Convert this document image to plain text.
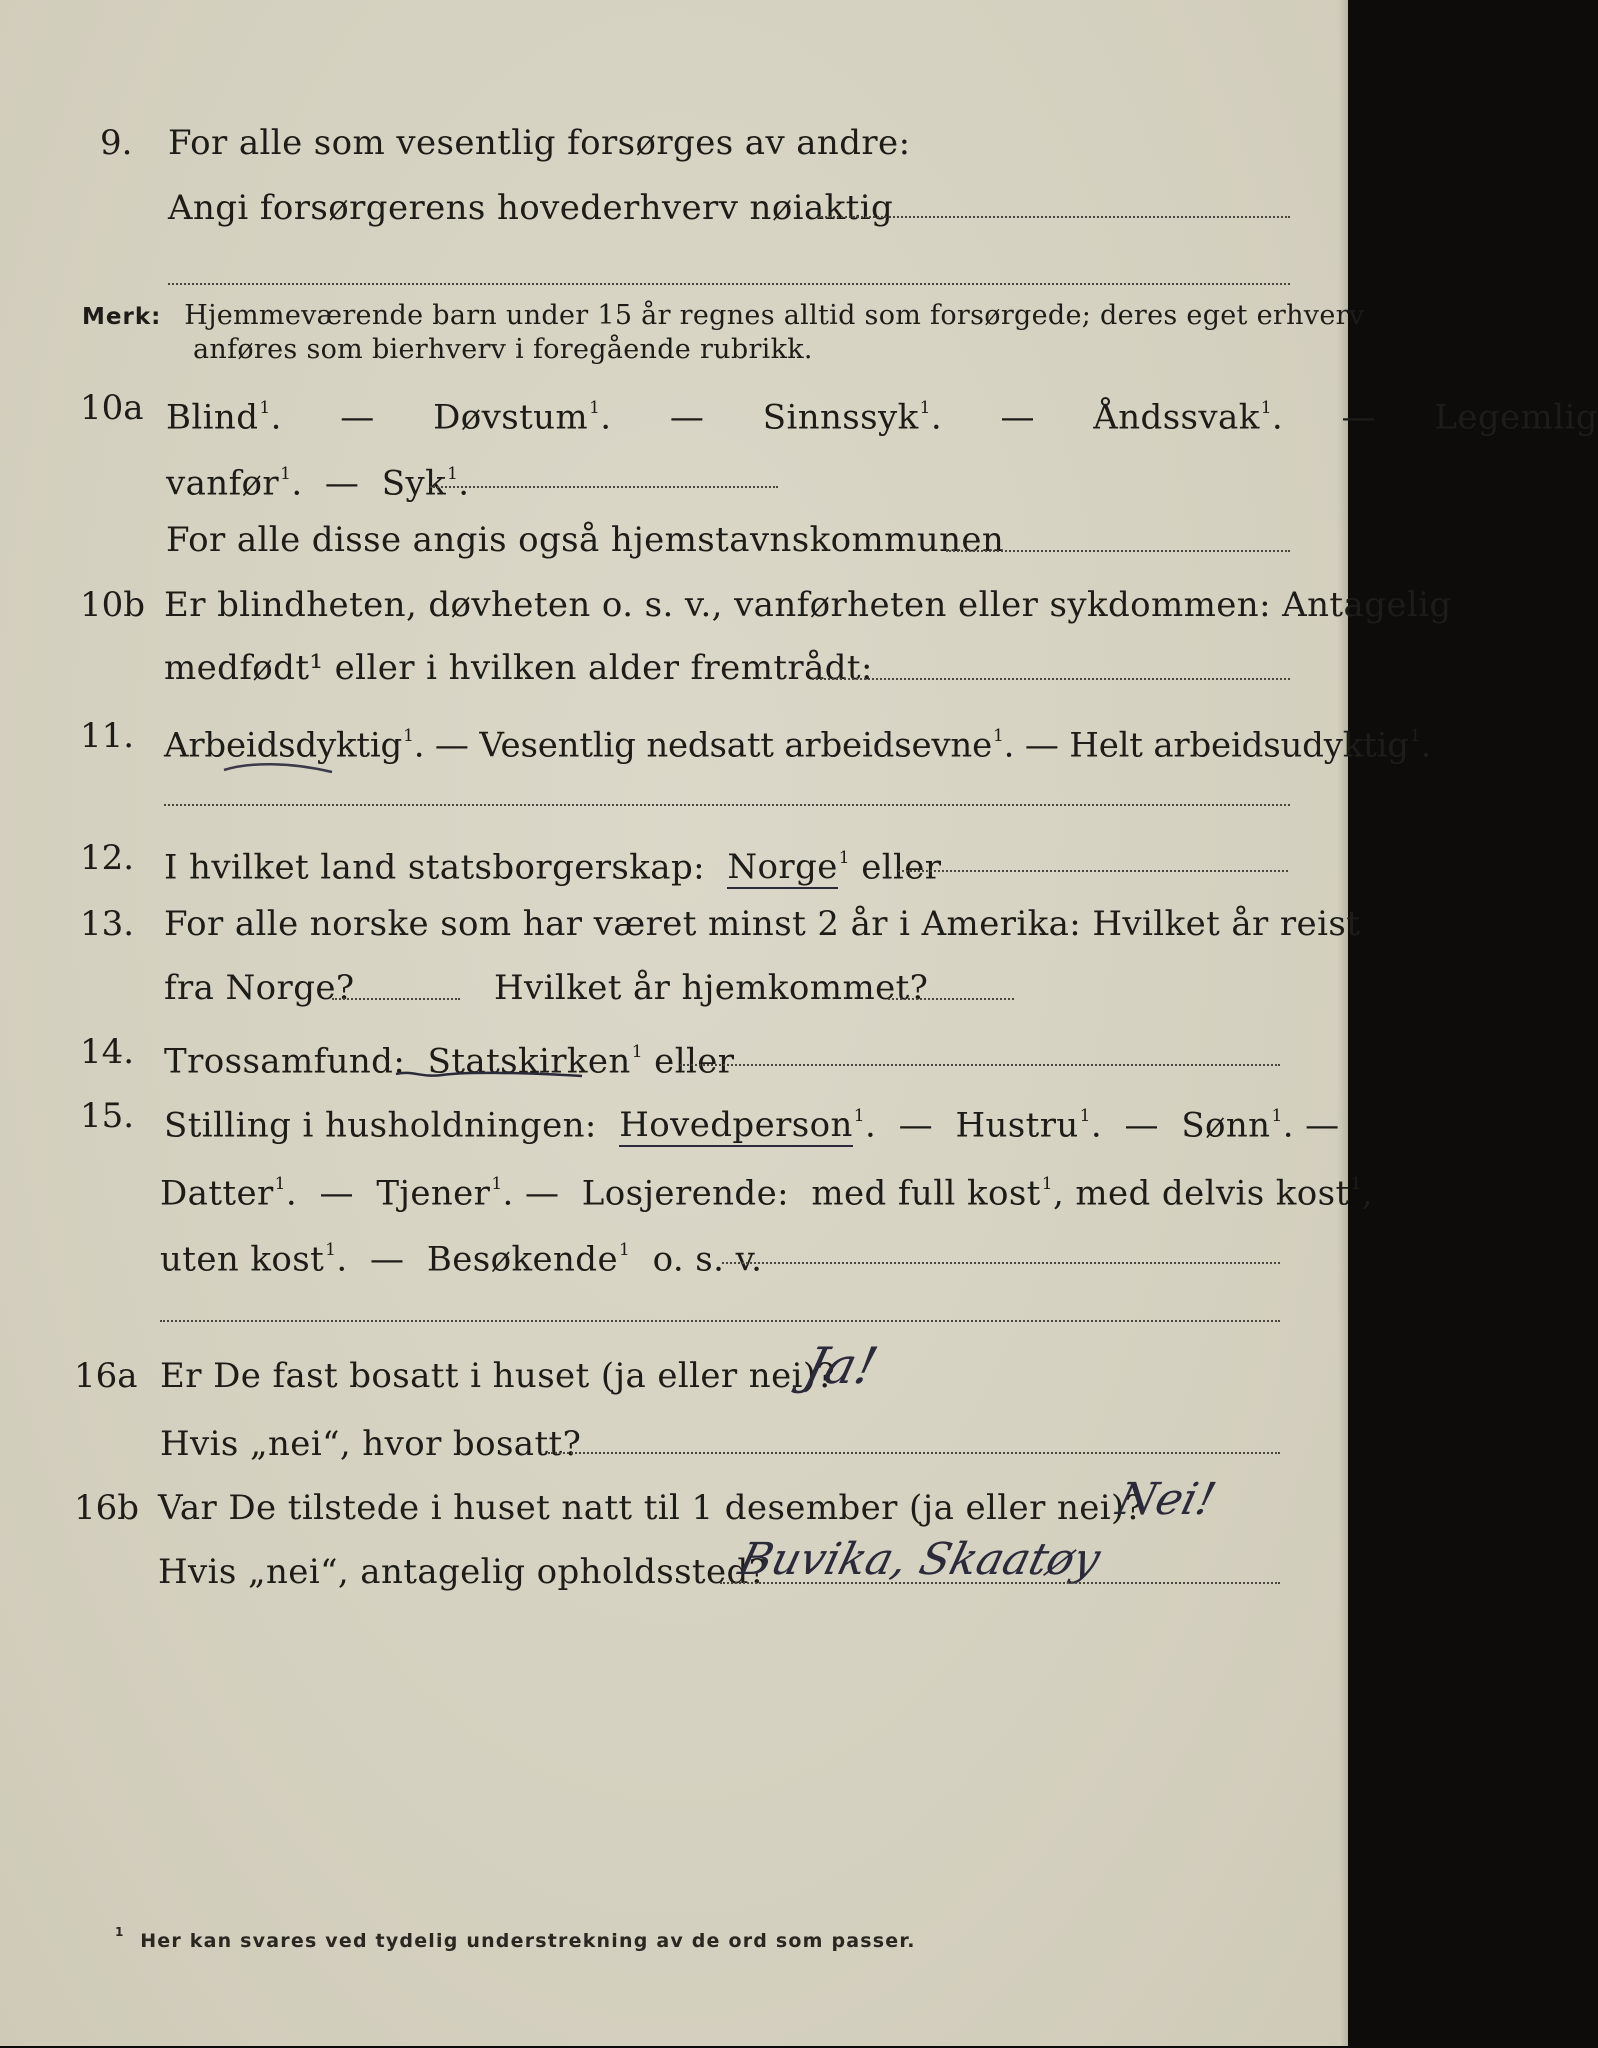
9. For alle som vesentlig forsørges av andre:
Angi forsørgerens hovederhverv nøiaktig
Merk: Hjemmeværende barn under 15 år regnes alltid som forsørgede; deres eget erhverv
anføres som bierhverv i foregående rubrikk.
10a Blind$^1$.  —  Døvstum$^1$.  —  Sinnssyk$^1$.  —  Åndssvak$^1$.  —  Legemlig
vanfør$^1$.  —  Syk$^1$.
For alle disse angis også hjemstavnskommunen
10b Er blindheten, døvheten o. s. v., vanførheten eller sykdommen: Antagelig
medfødt¹ eller i hvilken alder fremtrådt:
11. Arbeidsdyktig$^1$. — Vesentlig nedsatt arbeidsevne$^1$. — Helt arbeidsudyktig$^1$.
12. I hvilket land statsborgerskap: Norge$^1$ eller
13. For alle norske som har været minst 2 år i Amerika: Hvilket år reist
fra Norge?	Hvilket år hjemkommet?
14. Trossamfund: Statskirken$^1$ eller
15. Stilling i husholdningen: Hovedperson$^1$.  —  Hustru$^1$.  —  Sønn$^1$. —
Datter$^1$.  —  Tjener$^1$. —  Losjerende: med full kost$^1$, med delvis kost$^1$,
uten kost$^1$.  —  Besøkende$^1$ o. s. v.
16a Er De fast bosatt i huset (ja eller nei)?
Ja!
Hvis „nei“, hvor bosatt?
16b Var De tilstede i huset natt til 1 desember (ja eller nei)?
Nei!
Hvis „nei“, antagelig opholdssted?
Buvika, Skaatøy
$^1$ Her kan svares ved tydelig understrekning av de ord som passer.
